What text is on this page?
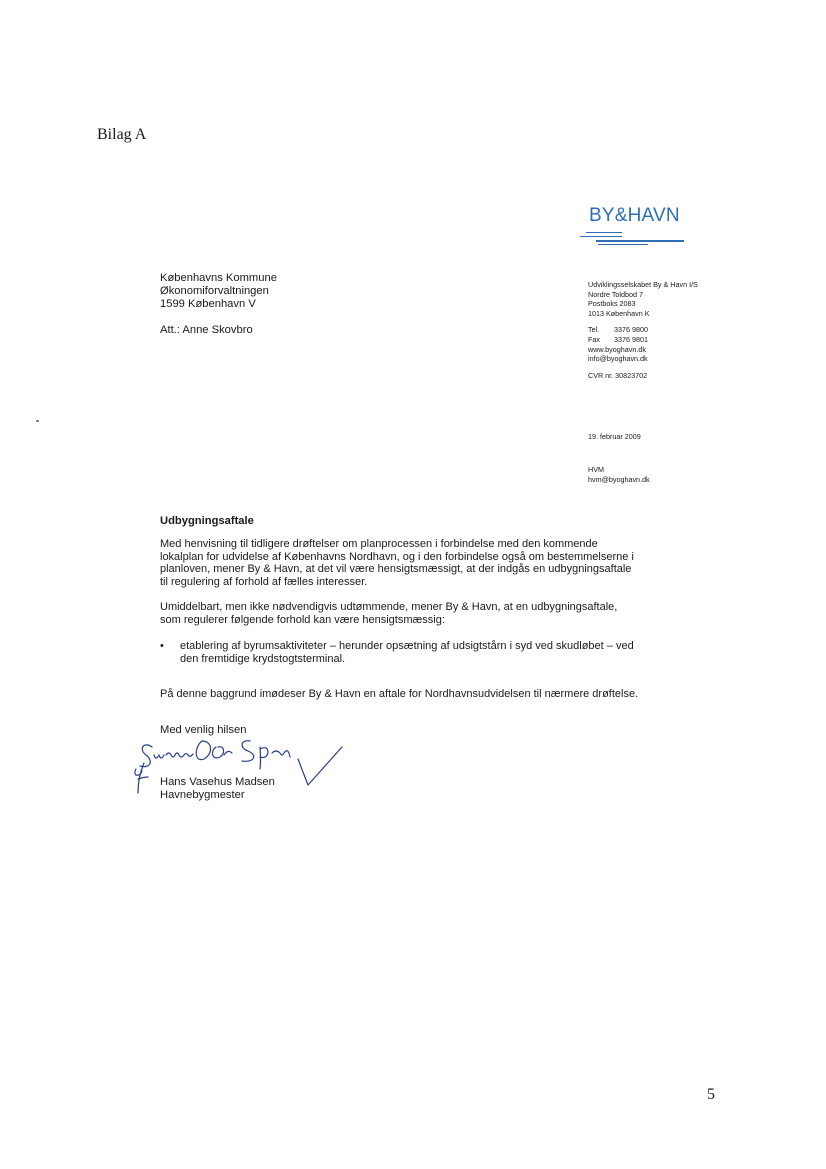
Bilag A
BY&HAVN
Københavns Kommune
Økonomiforvaltningen
1599 København V
Att.: Anne Skovbro
Udviklingsselskabet By & Havn I/S
Nordre Toldbod 7
Postboks 2083
1013 København K
Tel. 3376 9800
Fax 3376 9801
www.byoghavn.dk
info@byoghavn.dk
CVR nr. 30823702
19. februar 2009
HVM
hvm@byoghavn.dk
Udbygningsaftale
Med henvisning til tidligere drøftelser om planprocessen i forbindelse med den kommende lokalplan for udvidelse af Københavns Nordhavn, og i den forbindelse også om bestemmelserne i planloven, mener By & Havn, at det vil være hensigtsmæssigt, at der indgås en udbygningsaftale til regulering af forhold af fælles interesser.
Umiddelbart, men ikke nødvendigvis udtømmende, mener By & Havn, at en udbygningsaftale, som regulerer følgende forhold kan være hensigtsmæssig:
• etablering af byrumsaktiviteter – herunder opsætning af udsigtstårn i syd ved skudløbet – ved den fremtidige krydstogtsterminal.
På denne baggrund imødeser By & Havn en aftale for Nordhavnsudvidelsen til nærmere drøftelse.
Med venlig hilsen
Hans Vasehus Madsen
Havnebygmester
5
